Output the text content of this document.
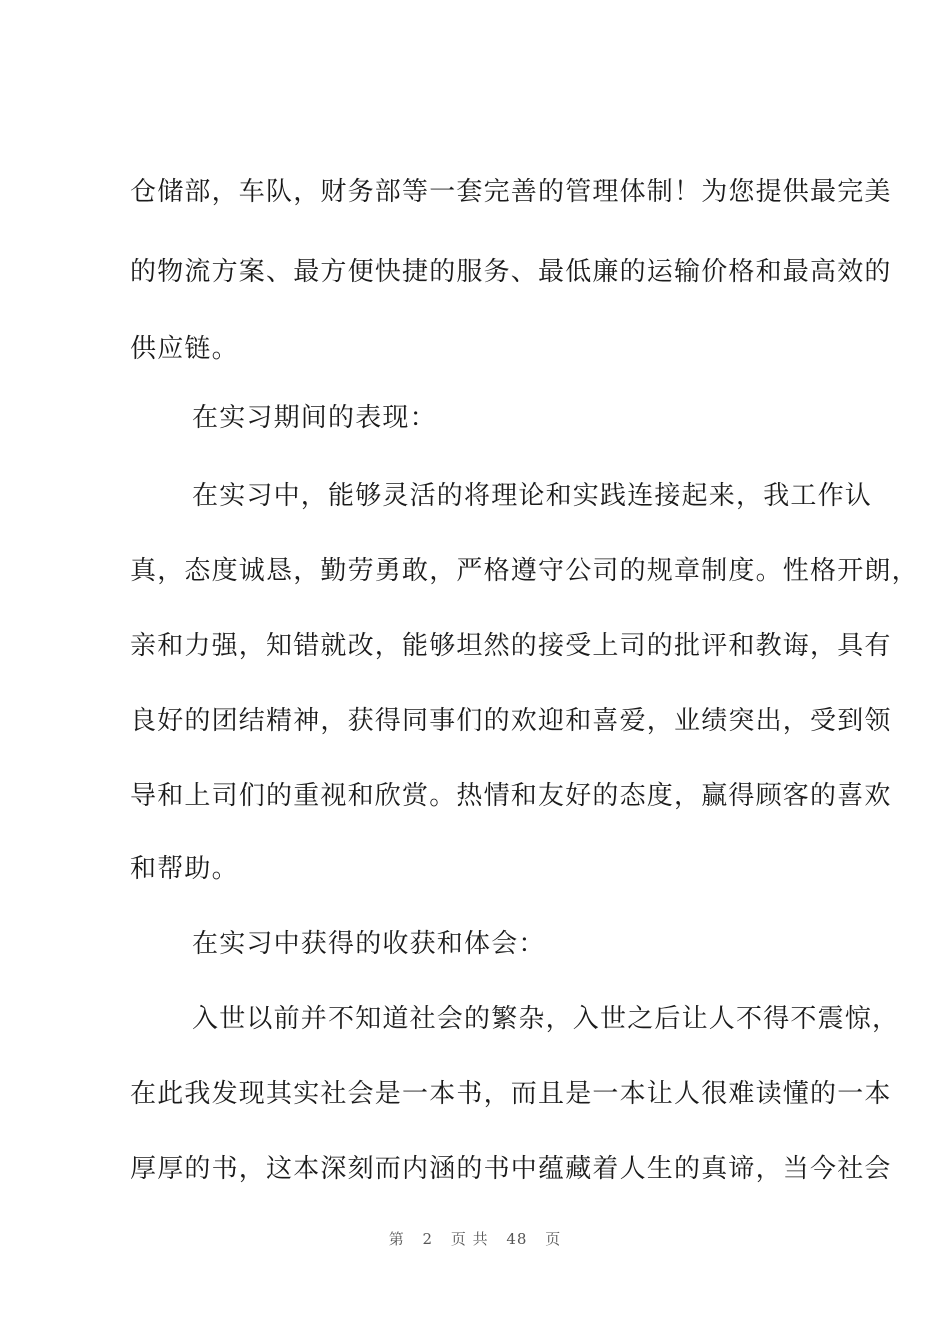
仓储部，车队，财务部等一套完善的管理体制！为您提供最完美
的物流方案、最方便快捷的服务、最低廉的运输价格和最高效的
供应链。
在实习期间的表现：
在实习中，能够灵活的将理论和实践连接起来，我工作认
真，态度诚恳，勤劳勇敢，严格遵守公司的规章制度。性格开朗，
亲和力强，知错就改，能够坦然的接受上司的批评和教诲，具有
良好的团结精神，获得同事们的欢迎和喜爱，业绩突出，受到领
导和上司们的重视和欣赏。热情和友好的态度，赢得顾客的喜欢
和帮助。
在实习中获得的收获和体会：
入世以前并不知道社会的繁杂，入世之后让人不得不震惊，
在此我发现其实社会是一本书，而且是一本让人很难读懂的一本
厚厚的书，这本深刻而内涵的书中蕴藏着人生的真谛，当今社会
第 2 页 共 48 页
